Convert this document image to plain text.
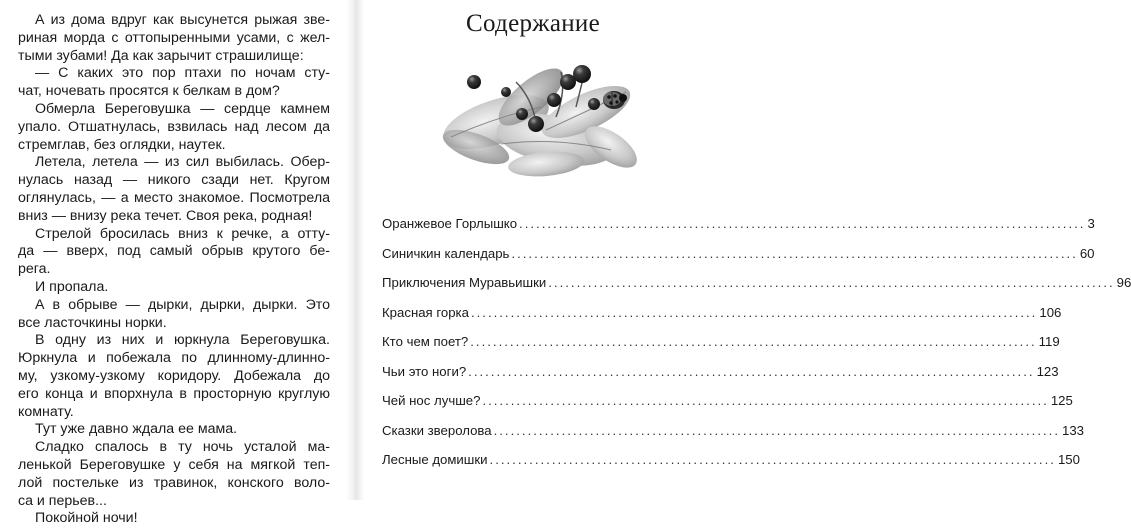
А из дома вдруг как высунется рыжая зве-
риная морда с оттопыренными усами, с жел-
тыми зубами! Да как зарычит страшилище:
— С каких это пор птахи по ночам сту-
чат, ночевать просятся к белкам в дом?
Обмерла Береговушка — сердце камнем
упало. Отшатнулась, взвилась над лесом да
стремглав, без оглядки, наутек.
Летела, летела — из сил выбилась. Обер-
нулась назад — никого сзади нет. Кругом
оглянулась, — а место знакомое. Посмотрела
вниз — внизу река течет. Своя река, родная!
Стрелой бросилась вниз к речке, а отту-
да — вверх, под самый обрыв крутого бе-
рега.
И пропала.
А в обрыве — дырки, дырки, дырки. Это
все ласточкины норки.
В одну из них и юркнула Береговушка.
Юркнула и побежала по длинному-длинно-
му, узкому-узкому коридору. Добежала до
его конца и впорхнула в просторную круглую
комнату.
Тут уже давно ждала ее мама.
Сладко спалось в ту ночь усталой ма-
ленькой Береговушке у себя на мягкой теп-
лой постельке из травинок, конского воло-
са и перьев...
Покойной ночи!
Содержание
Оранжевое Горлышко .....	3
Синичкин календарь .....	60
Приключения Муравьишки .....	96
Красная горка .....	106
Кто чем поет? .....	119
Чьи это ноги? .....	123
Чей нос лучше? .....	125
Сказки зверолова .....	133
Лесные домишки .....	150
